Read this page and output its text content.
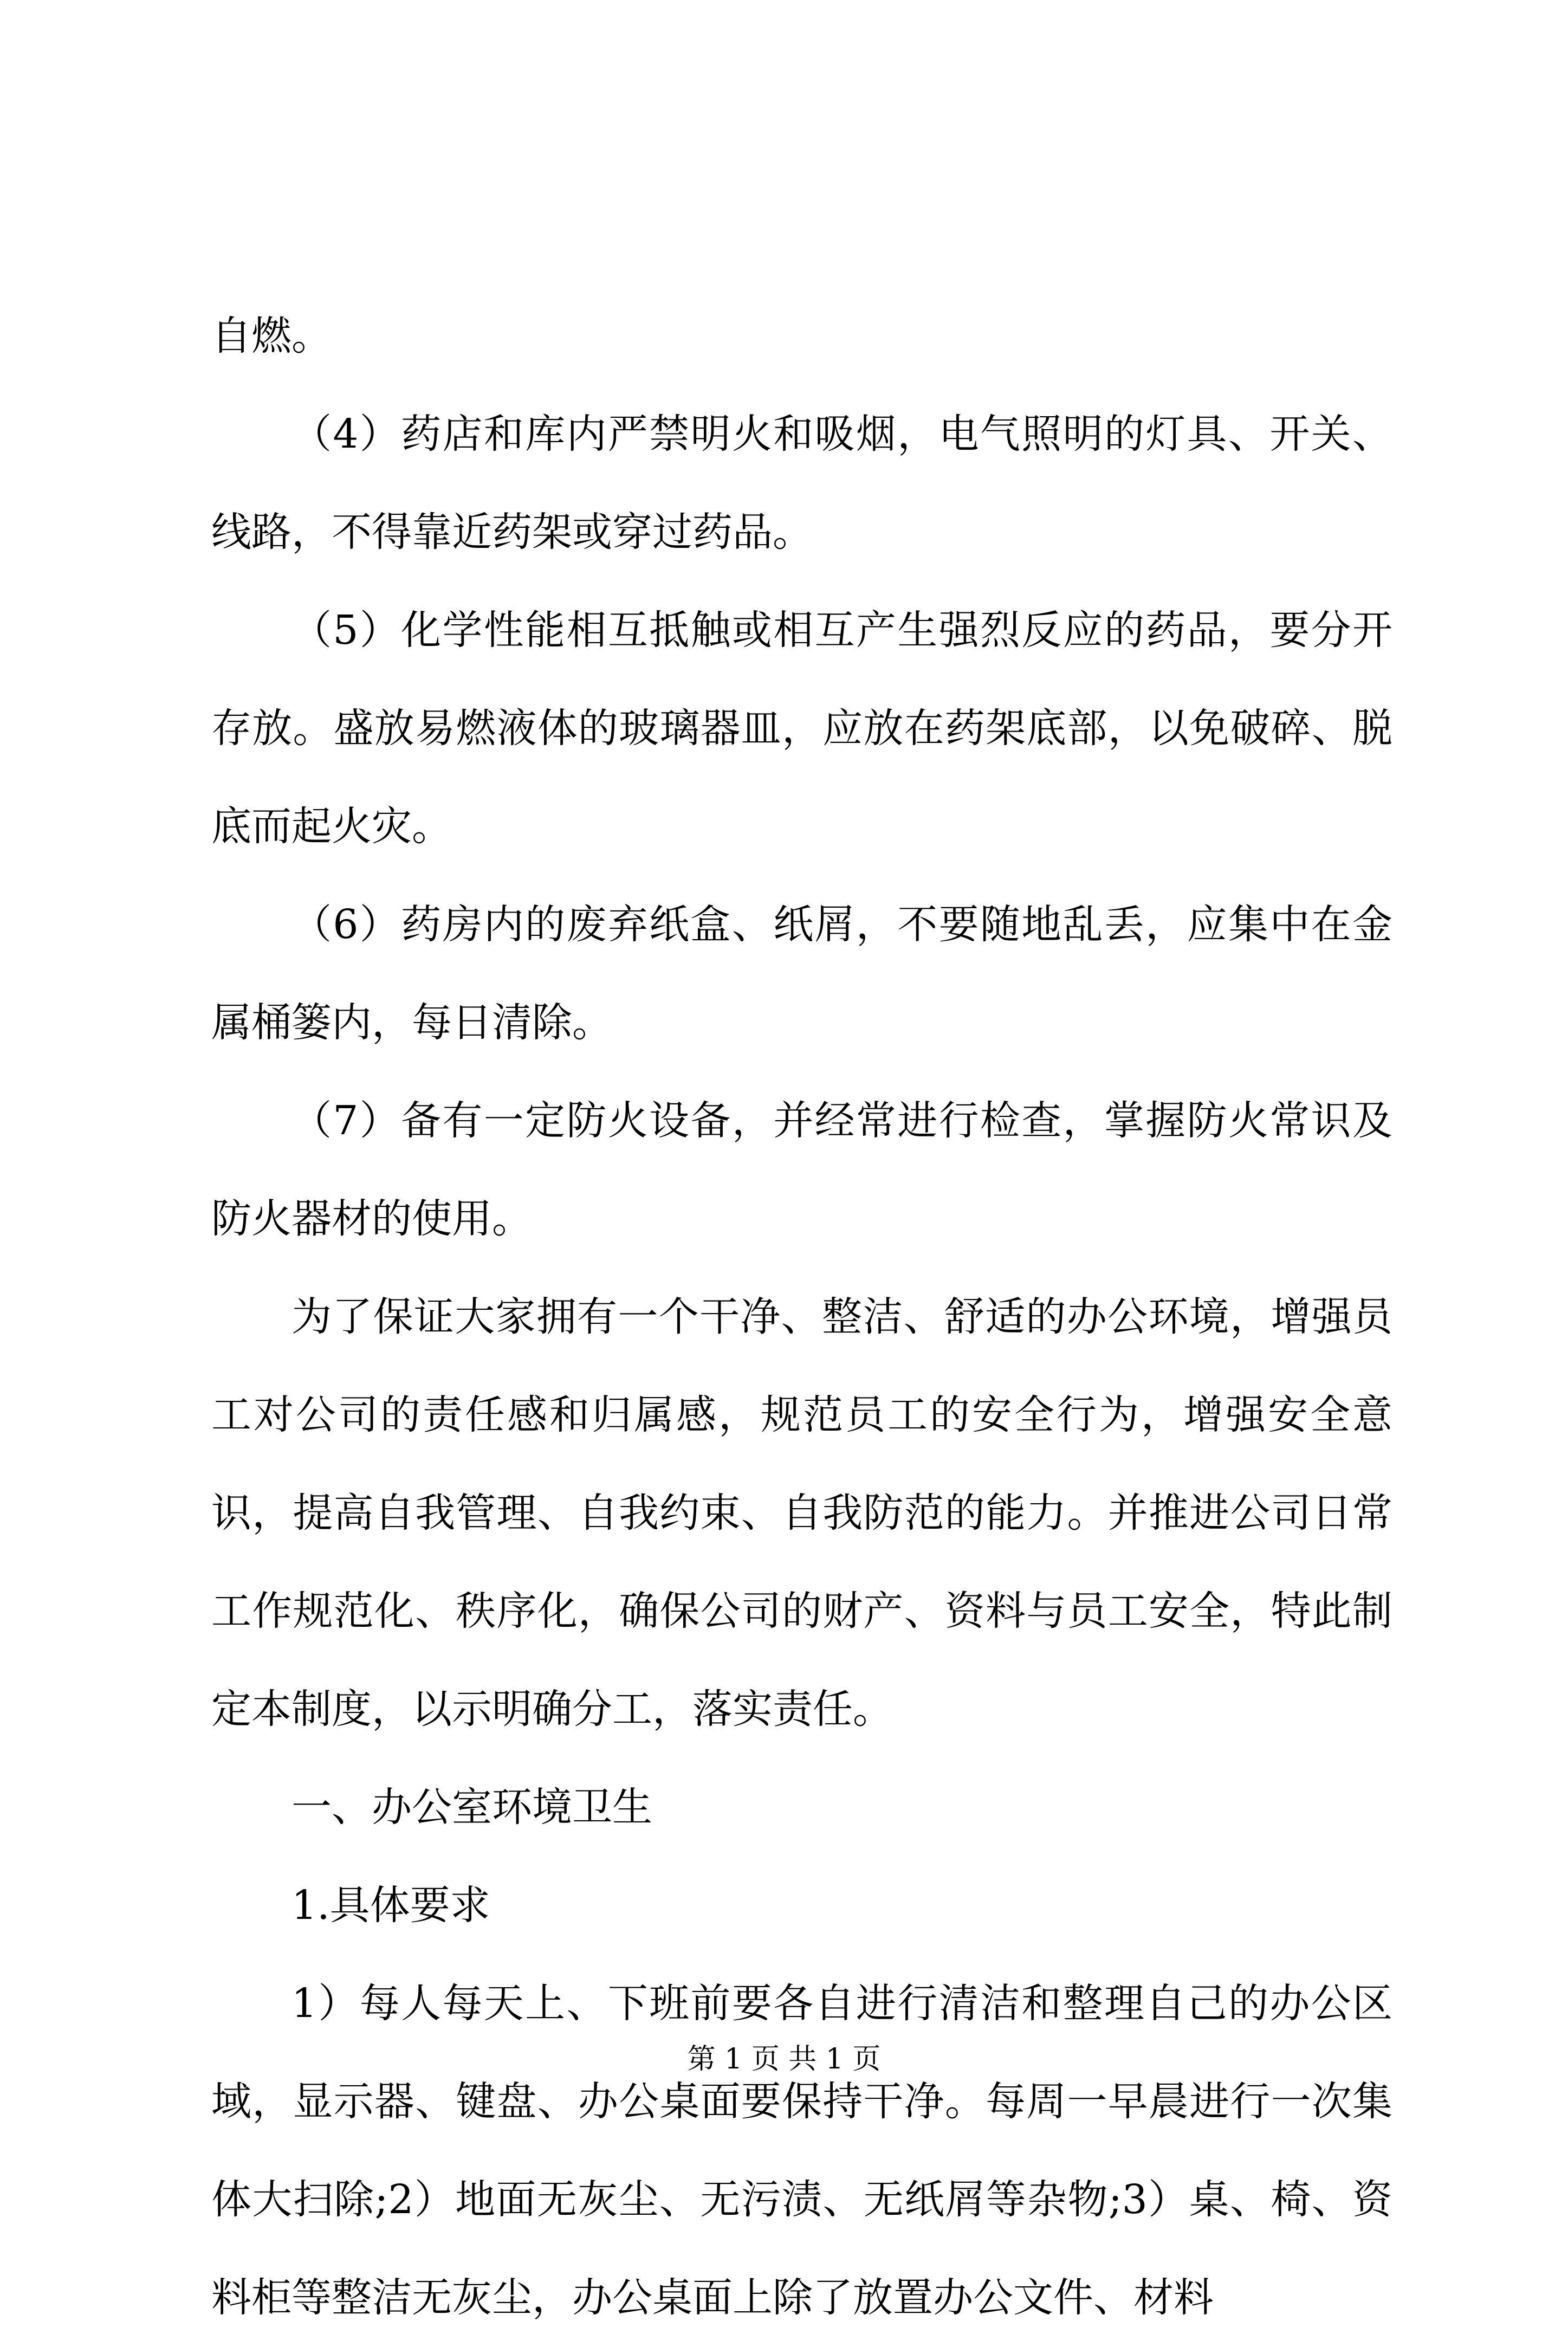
自燃。

（4）药店和库内严禁明火和吸烟，电气照明的灯具、开关、线路，不得靠近药架或穿过药品。

（5）化学性能相互抵触或相互产生强烈反应的药品，要分开存放。盛放易燃液体的玻璃器皿，应放在药架底部，以免破碎、脱底而起火灾。

（6）药房内的废弃纸盒、纸屑，不要随地乱丢，应集中在金属桶篓内，每日清除。

（7）备有一定防火设备，并经常进行检查，掌握防火常识及防火器材的使用。

为了保证大家拥有一个干净、整洁、舒适的办公环境，增强员工对公司的责任感和归属感，规范员工的安全行为，增强安全意识，提高自我管理、自我约束、自我防范的能力。并推进公司日常工作规范化、秩序化，确保公司的财产、资料与员工安全，特此制定本制度，以示明确分工，落实责任。

一、办公室环境卫生

1.具体要求

1）每人每天上、下班前要各自进行清洁和整理自己的办公区域，显示器、键盘、办公桌面要保持干净。每周一早晨进行一次集体大扫除;2）地面无灰尘、无污渍、无纸屑等杂物;3）桌、椅、资料柜等整洁无灰尘，办公桌面上除了放置办公文件、材料

第 1 页 共 1 页
